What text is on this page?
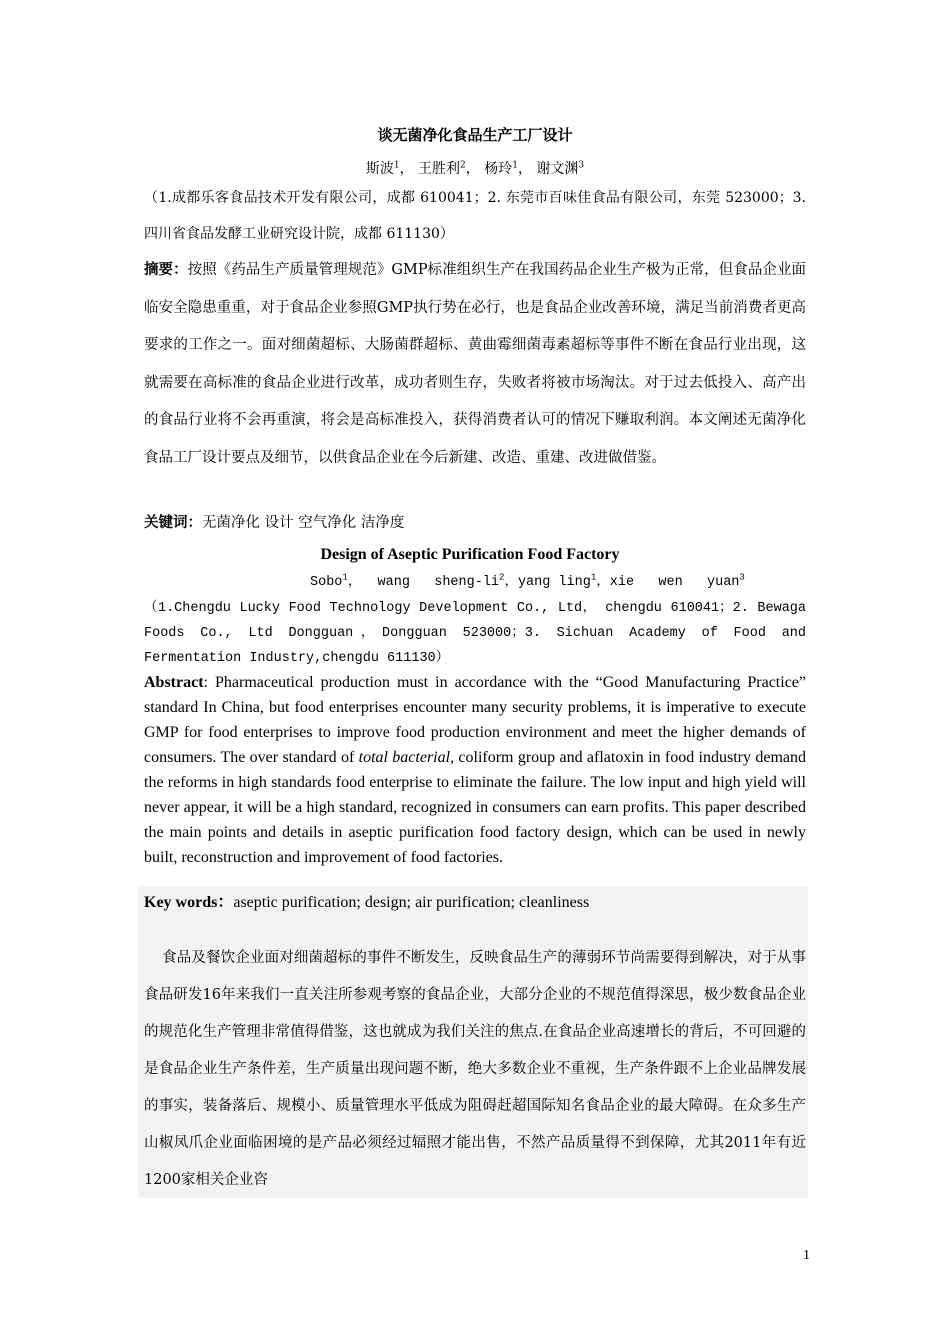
谈无菌净化食品生产工厂设计
斯波$^1$， 王胜利$^2$， 杨玲$^1$， 谢文渊$^3$
（1.成都乐客食品技术开发有限公司，成都 610041；2. 东莞市百味佳食品有限公司，东莞 523000；3. 四川省食品发酵工业研究设计院，成都 611130）
摘要：按照《药品生产质量管理规范》GMP标准组织生产在我国药品企业生产极为正常，但食品企业面临安全隐患重重，对于食品企业参照GMP执行势在必行，也是食品企业改善环境，满足当前消费者更高要求的工作之一。面对细菌超标、大肠菌群超标、黄曲霉细菌毒素超标等事件不断在食品行业出现，这就需要在高标准的食品企业进行改革，成功者则生存，失败者将被市场淘汰。对于过去低投入、高产出的食品行业将不会再重演，将会是高标准投入，获得消费者认可的情况下赚取利润。本文阐述无菌净化食品工厂设计要点及细节，以供食品企业在今后新建、改造、重建、改进做借鉴。
关键词：无菌净化 设计 空气净化 洁净度
Design of Aseptic Purification Food Factory
Sobo$^1$，  wang   sheng-$li^2$，yang ling$^1$，xie   wen   yuan$^3$
（1.Chengdu Lucky Food Technology Development Co., Ltd， chengdu 610041；2. Bewaga Foods Co., Ltd Dongguan，Dongguan 523000；3. Sichuan Academy of Food and Fermentation Industry,chengdu 611130）
Abstract: Pharmaceutical production must in accordance with the “Good Manufacturing Practice” standard In China, but food enterprises encounter many security problems, it is imperative to execute GMP for food enterprises to improve food production environment and meet the higher demands of consumers. The over standard of total bacterial, coliform group and aflatoxin in food industry demand the reforms in high standards food enterprise to eliminate the failure. The low input and high yield will never appear, it will be a high standard, recognized in consumers can earn profits. This paper described the main points and details in aseptic purification food factory design, which can be used in newly built, reconstruction and improvement of food factories.
Key words：aseptic purification; design; air purification; cleanliness
食品及餐饮企业面对细菌超标的事件不断发生，反映食品生产的薄弱环节尚需要得到解决，对于从事食品研发16年来我们一直关注所参观考察的食品企业，大部分企业的不规范值得深思，极少数食品企业的规范化生产管理非常值得借鉴，这也就成为我们关注的焦点.在食品企业高速增长的背后，不可回避的是食品企业生产条件差，生产质量出现问题不断，绝大多数企业不重视，生产条件跟不上企业品牌发展的事实，装备落后、规模小、质量管理水平低成为阻碍赶超国际知名食品企业的最大障碍。在众多生产山椒凤爪企业面临困境的是产品必须经过辐照才能出售，不然产品质量得不到保障，尤其2011年有近1200家相关企业咨
1
